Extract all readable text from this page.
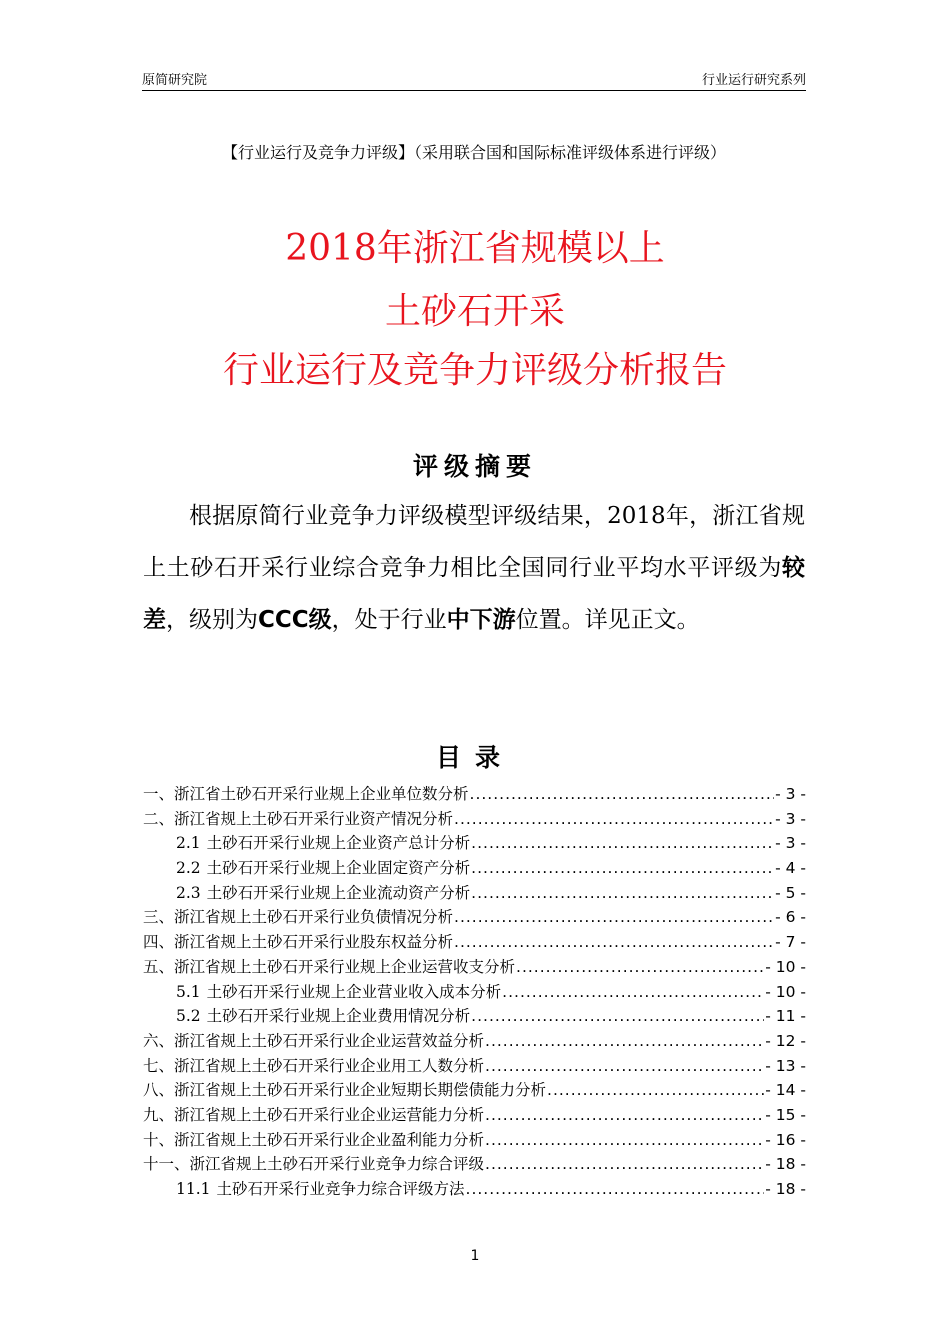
原简研究院	行业运行研究系列
【行业运行及竞争力评级】（采用联合国和国际标准评级体系进行评级）
2018年浙江省规模以上
土砂石开采
行业运行及竞争力评级分析报告
评级摘要
根据原简行业竞争力评级模型评级结果，2018年，浙江省规上土砂石开采行业综合竞争力相比全国同行业平均水平评级为较差，级别为CCC级，处于行业中下游位置。详见正文。
目录
一、浙江省土砂石开采行业规上企业单位数分析 .....	- 3 -
二、浙江省规上土砂石开采行业资产情况分析 .....	- 3 -
2.1 土砂石开采行业规上企业资产总计分析 .....	- 3 -
2.2 土砂石开采行业规上企业固定资产分析 .....	- 4 -
2.3 土砂石开采行业规上企业流动资产分析 .....	- 5 -
三、浙江省规上土砂石开采行业负债情况分析 .....	- 6 -
四、浙江省规上土砂石开采行业股东权益分析 .....	- 7 -
五、浙江省规上土砂石开采行业规上企业运营收支分析 .....	- 10 -
5.1 土砂石开采行业规上企业营业收入成本分析 .....	- 10 -
5.2 土砂石开采行业规上企业费用情况分析 .....	- 11 -
六、浙江省规上土砂石开采行业企业运营效益分析 .....	- 12 -
七、浙江省规上土砂石开采行业企业用工人数分析 .....	- 13 -
八、浙江省规上土砂石开采行业企业短期长期偿债能力分析 .....	- 14 -
九、浙江省规上土砂石开采行业企业运营能力分析 .....	- 15 -
十、浙江省规上土砂石开采行业企业盈利能力分析 .....	- 16 -
十一、浙江省规上土砂石开采行业竞争力综合评级 .....	- 18 -
11.1 土砂石开采行业竞争力综合评级方法 .....	- 18 -
1
